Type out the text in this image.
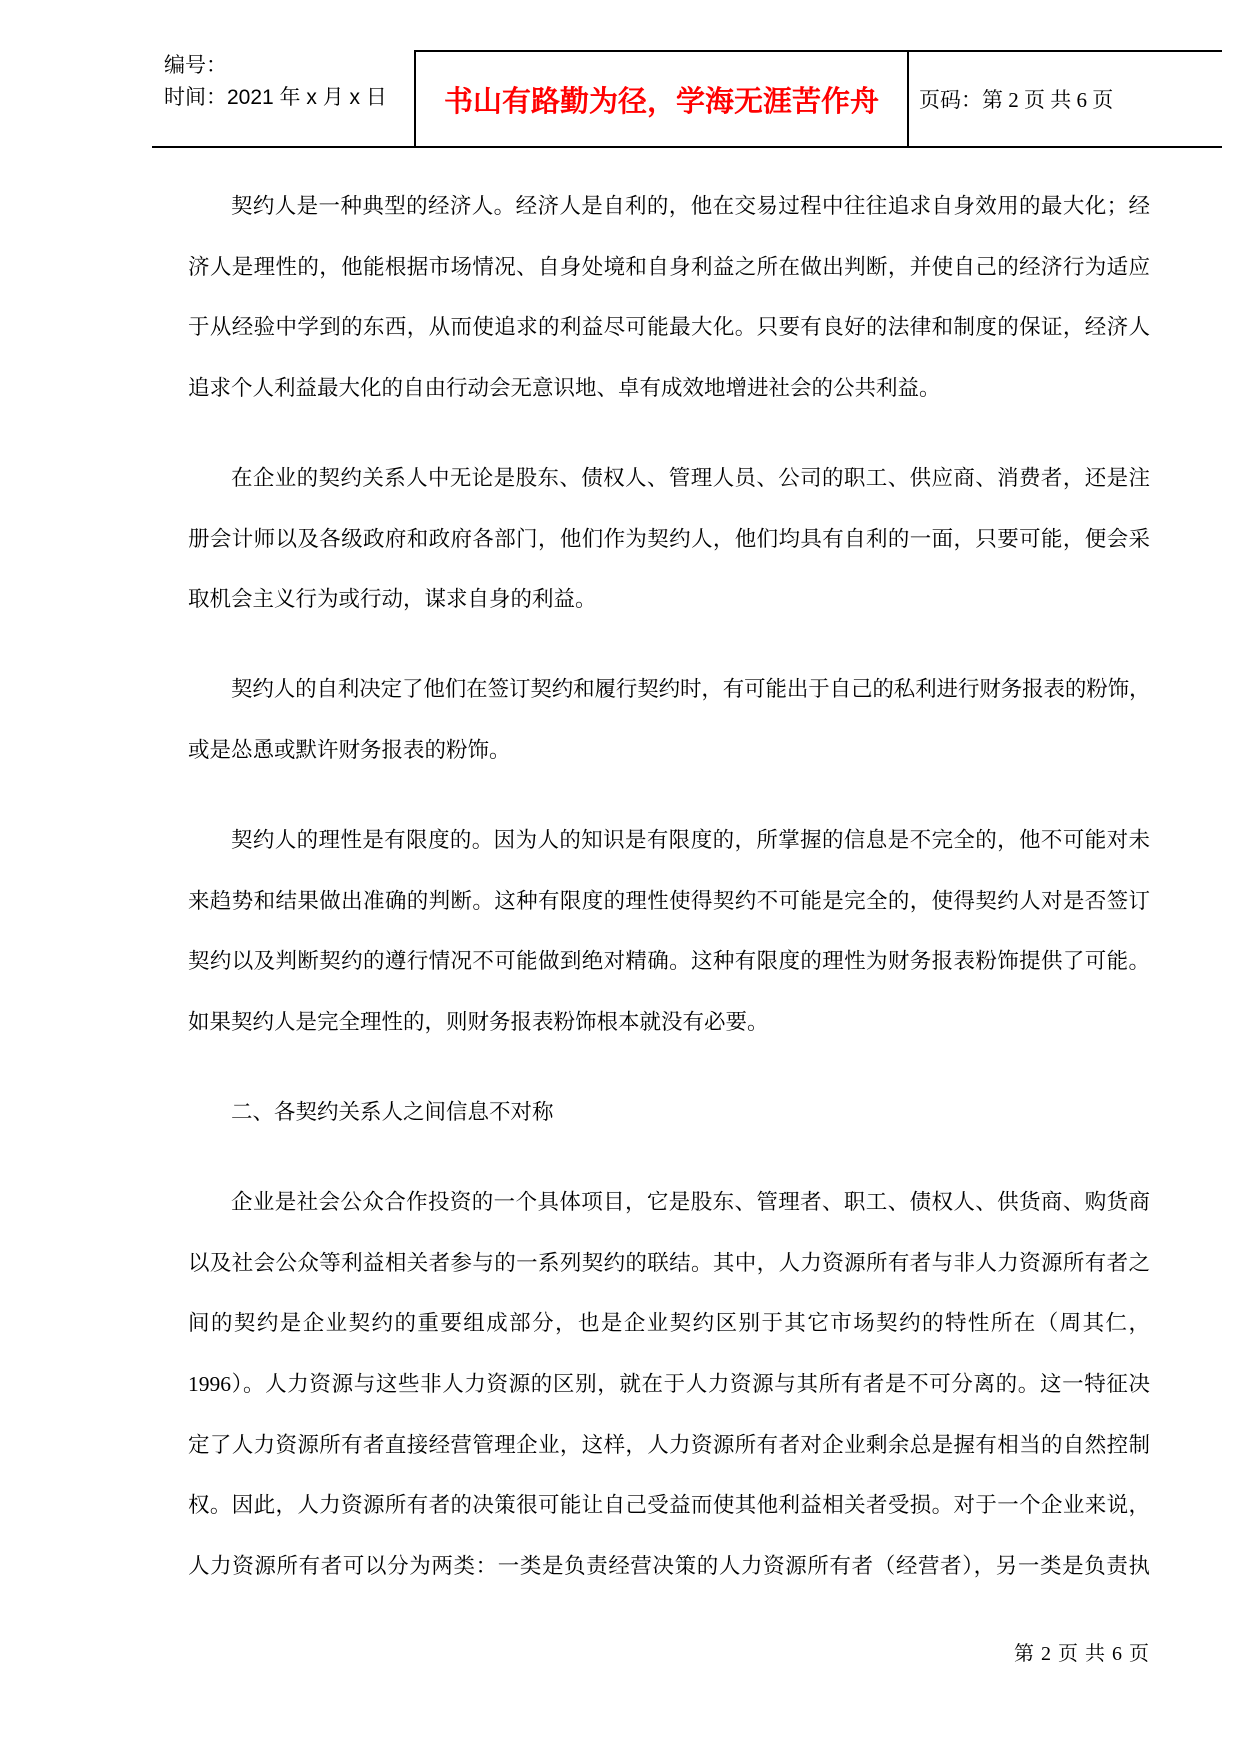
编号：
时间：2021 年 x 月 x 日 书山有路勤为径，学海无涯苦作舟 页码：第 2 页 共 6 页
契约人是一种典型的经济人。经济人是自利的，他在交易过程中往往追求自身效用的最大化；经
济人是理性的，他能根据市场情况、自身处境和自身利益之所在做出判断，并使自己的经济行为适应
于从经验中学到的东西，从而使追求的利益尽可能最大化。只要有良好的法律和制度的保证，经济人
追求个人利益最大化的自由行动会无意识地、卓有成效地增进社会的公共利益。
在企业的契约关系人中无论是股东、债权人、管理人员、公司的职工、供应商、消费者，还是注
册会计师以及各级政府和政府各部门，他们作为契约人，他们均具有自利的一面，只要可能，便会采
取机会主义行为或行动，谋求自身的利益。
契约人的自利决定了他们在签订契约和履行契约时，有可能出于自己的私利进行财务报表的粉饰，
或是怂恿或默许财务报表的粉饰。
契约人的理性是有限度的。因为人的知识是有限度的，所掌握的信息是不完全的，他不可能对未
来趋势和结果做出准确的判断。这种有限度的理性使得契约不可能是完全的，使得契约人对是否签订
契约以及判断契约的遵行情况不可能做到绝对精确。这种有限度的理性为财务报表粉饰提供了可能。
如果契约人是完全理性的，则财务报表粉饰根本就没有必要。
二、各契约关系人之间信息不对称
企业是社会公众合作投资的一个具体项目，它是股东、管理者、职工、债权人、供货商、购货商
以及社会公众等利益相关者参与的一系列契约的联结。其中，人力资源所有者与非人力资源所有者之
间的契约是企业契约的重要组成部分，也是企业契约区别于其它市场契约的特性所在（周其仁，
1996）。人力资源与这些非人力资源的区别，就在于人力资源与其所有者是不可分离的。这一特征决
定了人力资源所有者直接经营管理企业，这样，人力资源所有者对企业剩余总是握有相当的自然控制
权。因此，人力资源所有者的决策很可能让自己受益而使其他利益相关者受损。对于一个企业来说，
人力资源所有者可以分为两类：一类是负责经营决策的人力资源所有者（经营者），另一类是负责执
第 2 页 共 6 页
